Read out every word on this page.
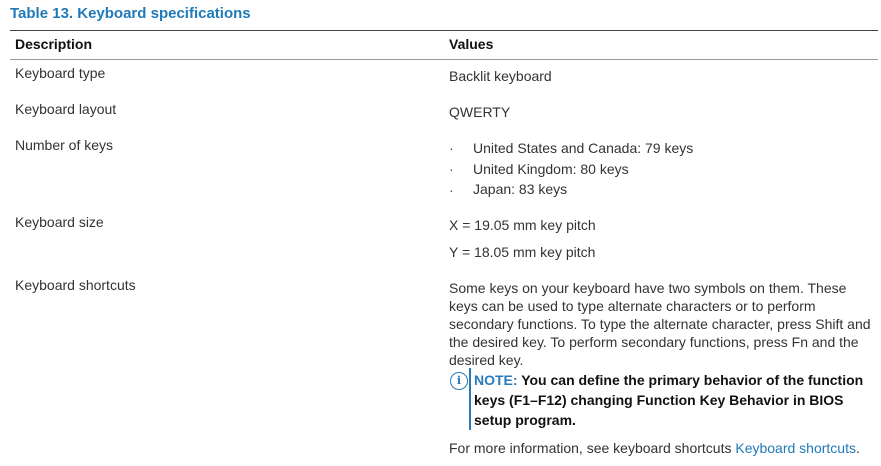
Table 13. Keyboard specifications
Description	Values
Keyboard type	Backlit keyboard
Keyboard layout	QWERTY
Number of keys	· United States and Canada: 79 keys
· United Kingdom: 80 keys
· Japan: 83 keys
Keyboard size	X = 19.05 mm key pitch
Y = 18.05 mm key pitch
Keyboard shortcuts	Some keys on your keyboard have two symbols on them. These keys can be used to type alternate characters or to perform secondary functions. To type the alternate character, press Shift and the desired key. To perform secondary functions, press Fn and the desired key.
i NOTE: You can define the primary behavior of the function keys (F1–F12) changing Function Key Behavior in BIOS setup program.
For more information, see keyboard shortcuts Keyboard shortcuts.
